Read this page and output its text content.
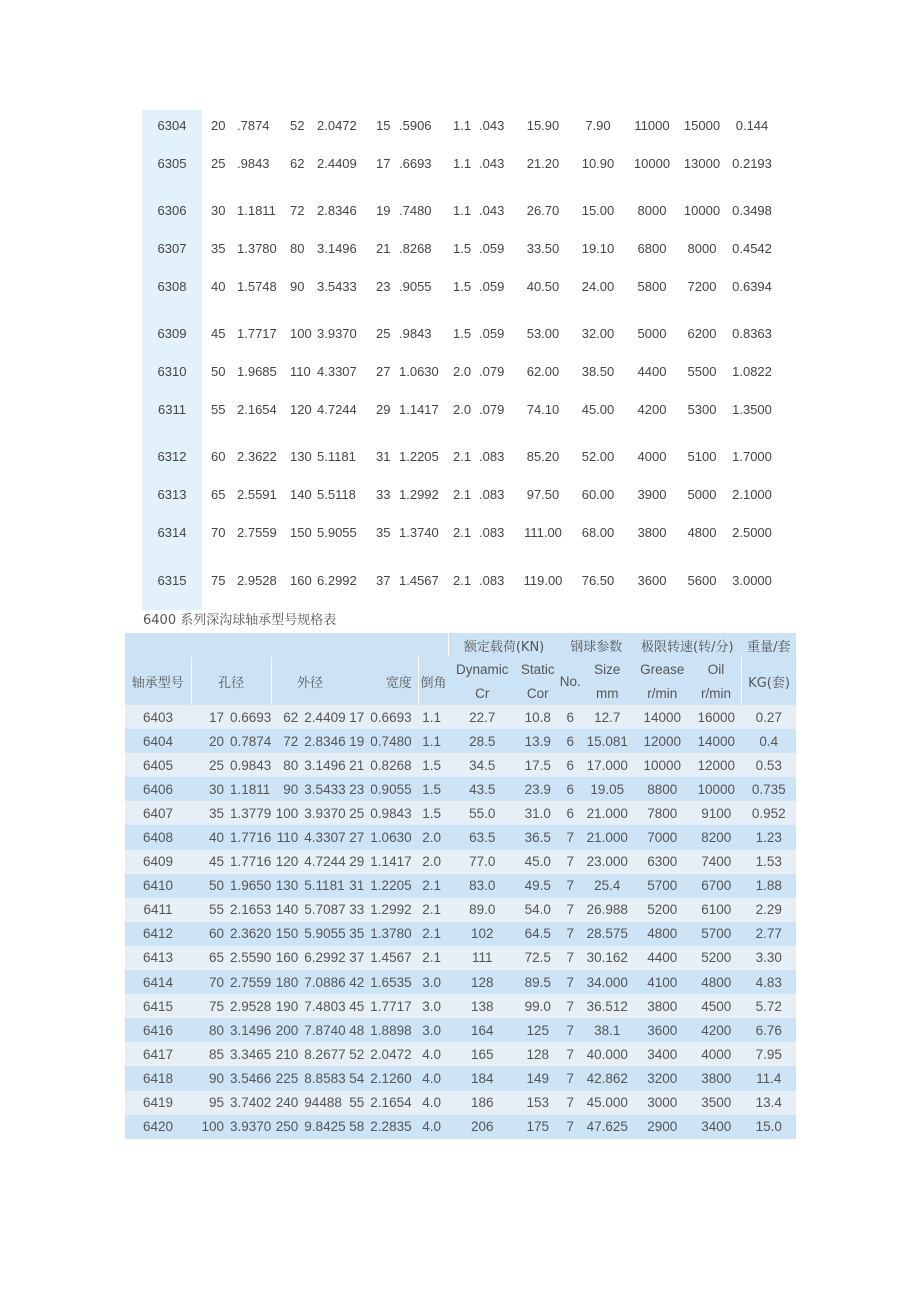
6304 20 .7874 52 2.0472 15 .5906 1.1 .043 15.90 7.90 11000 15000 0.144
6305 25 .9843 62 2.4409 17 .6693 1.1 .043 21.20 10.90 10000 13000 0.2193
6306 30 1.1811 72 2.8346 19 .7480 1.1 .043 26.70 15.00 8000 10000 0.3498
6307 35 1.3780 80 3.1496 21 .8268 1.5 .059 33.50 19.10 6800 8000 0.4542
6308 40 1.5748 90 3.5433 23 .9055 1.5 .059 40.50 24.00 5800 7200 0.6394
6309 45 1.7717 100 3.9370 25 .9843 1.5 .059 53.00 32.00 5000 6200 0.8363
6310 50 1.9685 110 4.3307 27 1.0630 2.0 .079 62.00 38.50 4400 5500 1.0822
6311 55 2.1654 120 4.7244 29 1.1417 2.0 .079 74.10 45.00 4200 5300 1.3500
6312 60 2.3622 130 5.1181 31 1.2205 2.1 .083 85.20 52.00 4000 5100 1.7000
6313 65 2.5591 140 5.5118 33 1.2992 2.1 .083 97.50 60.00 3900 5000 2.1000
6314 70 2.7559 150 5.9055 35 1.3740 2.1 .083 111.00 68.00 3800 4800 2.5000
6315 75 2.9528 160 6.2992 37 1.4567 2.1 .083 119.00 76.50 3600 5600 3.0000
6400 系列深沟球轴承型号规格表
								额定载荷(KN)		钢球参数		极限转速(转/分)		重量/套
轴承型号	孔径		外径		宽度		倒角	Dynamic	Static	No.	Size	Grease	Oil	KG(套)
								Cr	Cor		mm	r/min	r/min	
6403	17	0.6693	62	2.4409	17	0.6693	1.1	22.7	10.8	6	12.7	14000	16000	0.27
6404	20	0.7874	72	2.8346	19	0.7480	1.1	28.5	13.9	6	15.081	12000	14000	0.4
6405	25	0.9843	80	3.1496	21	0.8268	1.5	34.5	17.5	6	17.000	10000	12000	0.53
6406	30	1.1811	90	3.5433	23	0.9055	1.5	43.5	23.9	6	19.05	8800	10000	0.735
6407	35	1.3779	100	3.9370	25	0.9843	1.5	55.0	31.0	6	21.000	7800	9100	0.952
6408	40	1.7716	110	4.3307	27	1.0630	2.0	63.5	36.5	7	21.000	7000	8200	1.23
6409	45	1.7716	120	4.7244	29	1.1417	2.0	77.0	45.0	7	23.000	6300	7400	1.53
6410	50	1.9650	130	5.1181	31	1.2205	2.1	83.0	49.5	7	25.4	5700	6700	1.88
6411	55	2.1653	140	5.7087	33	1.2992	2.1	89.0	54.0	7	26.988	5200	6100	2.29
6412	60	2.3620	150	5.9055	35	1.3780	2.1	102	64.5	7	28.575	4800	5700	2.77
6413	65	2.5590	160	6.2992	37	1.4567	2.1	111	72.5	7	30.162	4400	5200	3.30
6414	70	2.7559	180	7.0886	42	1.6535	3.0	128	89.5	7	34.000	4100	4800	4.83
6415	75	2.9528	190	7.4803	45	1.7717	3.0	138	99.0	7	36.512	3800	4500	5.72
6416	80	3.1496	200	7.8740	48	1.8898	3.0	164	125	7	38.1	3600	4200	6.76
6417	85	3.3465	210	8.2677	52	2.0472	4.0	165	128	7	40.000	3400	4000	7.95
6418	90	3.5466	225	8.8583	54	2.1260	4.0	184	149	7	42.862	3200	3800	11.4
6419	95	3.7402	240	94488	55	2.1654	4.0	186	153	7	45.000	3000	3500	13.4
6420	100	3.9370	250	9.8425	58	2.2835	4.0	206	175	7	47.625	2900	3400	15.0
